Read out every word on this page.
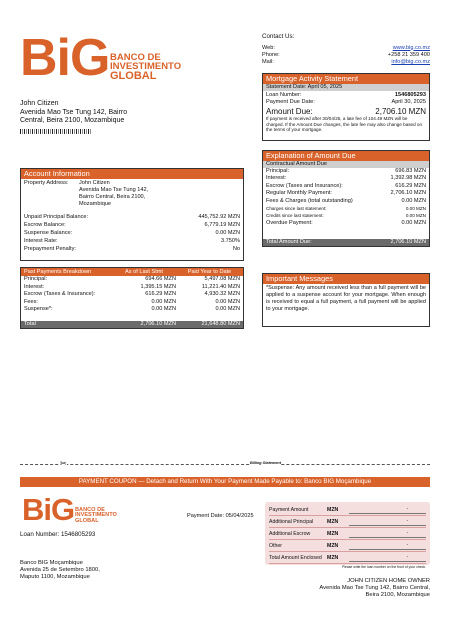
BiG BANCO DE
INVESTIMENTO
GLOBAL
Contact Us:
Web:	www.big.co.mz
Phone:	+258 21 359 400
Mail:	info@big.co.mz
John Citizen
Avenida Mao Tse Tung 142, Bairro
Central, Beira 2100, Mozambique
Mortgage Activity Statement
Statement Date: April 05, 2025
Loan Number:	1546805293
Payment Due Date:	April 30, 2025
Amount Due:	2,706.10 MZN
If payment is received after 30/04/25, a late fee of 104.49 MZN will be charged. If the Amount Due changes, the late fee may also change based on the terms of your mortgage.
Explanation of Amount Due
Contractual Amount Due
Principal:	696.83 MZN
Interest:	1,392.98 MZN
Escrow (Taxes and Insurance):	616.29 MZN
Regular Monthly Payment:	2,706.10 MZN
Fees & Charges (total outstanding)	0.00 MZN
Charges since last statement:	0.00 MZN
Credits since last statement:	0.00 MZN
Overdue Payment:	0.00 MZN
Total Amount Due:	2,706.10 MZN
Account Information
Property Address:	John Citizen
Avenida Mao Tse Tung 142,
Bairro Central, Beira 2100,
Mozambique
Unpaid Principal Balance:	445,752.92 MZN
Escrow Balance:	6,779.19 MZN
Suspense Balance:	0.00 MZN
Interest Rate:	3.750%
Prepayment Penalty:	No
Past Payments Breakdown	As of Last Stmt	Paid Year to Date
Principal:	694.66 MZN	5,497.08 MZN
Interest:	1,395.15 MZN	11,221.40 MZN
Escrow (Taxes & Insurance):	616.29 MZN	4,930.32 MZN
Fees:	0.00 MZN	0.00 MZN
Suspense*:	0.00 MZN	0.00 MZN
Total	2,706.10 MZN	21,648.80 MZN
Important Messages
*Suspense: Any amount received less than a full payment will be applied to a suspense account for your mortgage. When enough is received to equal a full payment, a full payment will be applied to your mortgage.
✂	Billing Statement
PAYMENT COUPON — Detach and Return With Your Payment Made Payable to: Banco BIG Moçambique
BiG BANCO DE
INVESTIMENTO
GLOBAL
Loan Number: 1546805293
Payment Date: 05/04/2025
Payment Amount	MZN	.
Additional Principal	MZN	.
Additional Escrow	MZN	.
Other	MZN	.
Total Amount Enclosed	MZN	.
Please write the loan number on the front of your check.
Banco BIG Moçambique
Avenida 25 de Setembro 1800,
Maputo 1100, Mozambique
JOHN CITIZEN HOME OWNER
Avenida Mao Tse Tung 142, Bairro Central,
Beira 2100, Mozambique
